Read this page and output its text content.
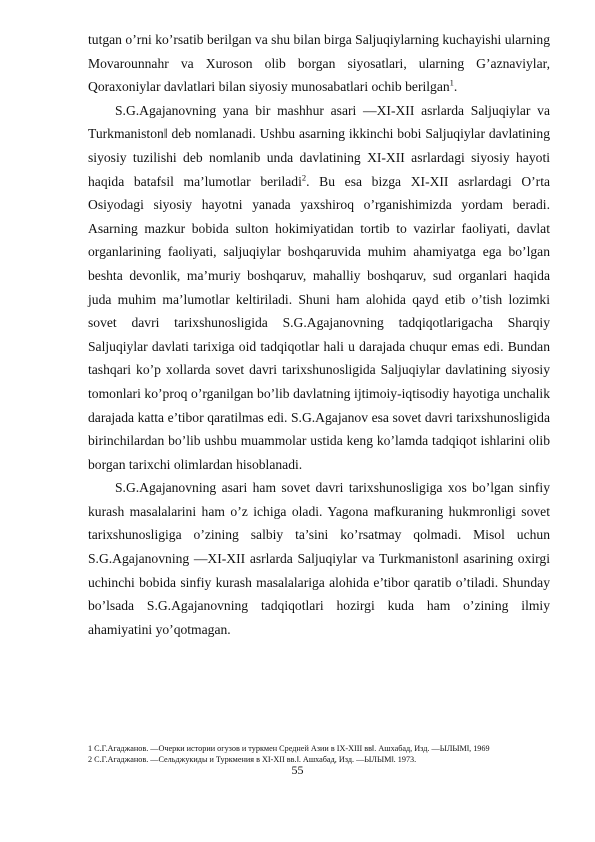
tutgan o’rni ko’rsatib berilgan va shu bilan birga Saljuqiylarning kuchayishi ularning Movarounnahr va Xuroson olib borgan siyosatlari, ularning G’aznaviylar, Qoraxoniylar davlatlari bilan siyosiy munosabatlari ochib berilgan$^1$.

S.G.Agajanovning yana bir mashhur asari ―XI-XII asrlarda Saljuqiylar va Turkmaniston‖ deb nomlanadi. Ushbu asarning ikkinchi bobi Saljuqiylar davlatining siyosiy tuzilishi deb nomlanib unda davlatining XI-XII asrlardagi siyosiy hayoti haqida batafsil ma’lumotlar beriladi$^2$. Bu esa bizga XI-XII asrlardagi O’rta Osiyodagi siyosiy hayotni yanada yaxshiroq o’rganishimizda yordam beradi. Asarning mazkur bobida sulton hokimiyatidan tortib to vazirlar faoliyati, davlat organlarining faoliyati, saljuqiylar boshqaruvida muhim ahamiyatga ega bo’lgan beshta devonlik, ma’muriy boshqaruv, mahalliy boshqaruv, sud organlari haqida juda muhim ma’lumotlar keltiriladi. Shuni ham alohida qayd etib o’tish lozimki sovet davri tarixshunosligida S.G.Agajanovning tadqiqotlarigacha Sharqiy Saljuqiylar davlati tarixiga oid tadqiqotlar hali u darajada chuqur emas edi. Bundan tashqari ko’p xollarda sovet davri tarixshunosligida Saljuqiylar davlatining siyosiy tomonlari ko’proq o’rganilgan bo’lib davlatning ijtimoiy-iqtisodiy hayotiga unchalik darajada katta e’tibor qaratilmas edi. S.G.Agajanov esa sovet davri tarixshunosligida birinchilardan bo’lib ushbu muammolar ustida keng ko’lamda tadqiqot ishlarini olib borgan tarixchi olimlardan hisoblanadi.

S.G.Agajanovning asari ham sovet davri tarixshunosligiga xos bo’lgan sinfiy kurash masalalarini ham o’z ichiga oladi. Yagona mafkuraning hukmronligi sovet tarixshunosligiga o’zining salbiy ta’sini ko’rsatmay qolmadi. Misol uchun S.G.Agajanovning ―XI-XII asrlarda Saljuqiylar va Turkmaniston‖ asarining oxirgi uchinchi bobida sinfiy kurash masalalariga alohida e’tibor qaratib o’tiladi. Shunday bo’lsada S.G.Agajanovning tadqiqotlari hozirgi kuda ham o’zining ilmiy ahamiyatini yo’qotmagan.

1 С.Г.Агаджанов. ―Очерки истории огузов и туркмен Средней Азии в IX-XIII вв‖. Ашхабад, Изд. ―ЫЛЫМ‖, 1969

2 С.Г.Агаджанов. ―Сельджукиды и Туркмения в XI-XII вв.‖. Ашхабад, Изд. ―ЫЛЫМ‖. 1973.

55
